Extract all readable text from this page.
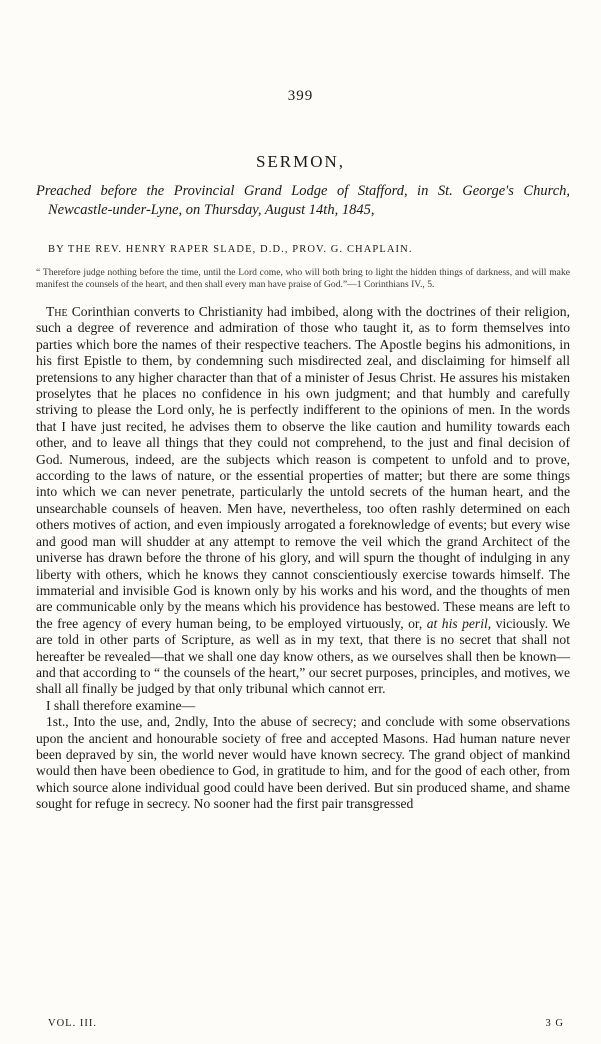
399
SERMON,
Preached before the Provincial Grand Lodge of Stafford, in St. George's Church, Newcastle-under-Lyne, on Thursday, August 14th, 1845,
BY THE REV. HENRY RAPER SLADE, D.D., PROV. G. CHAPLAIN.
“ Therefore judge nothing before the time, until the Lord come, who will both bring to light the hidden things of darkness, and will make manifest the counsels of the heart, and then shall every man have praise of God.”—1 Corinthians IV., 5.

The Corinthian converts to Christianity had imbibed, along with the doctrines of their religion, such a degree of reverence and admiration of those who taught it, as to form themselves into parties which bore the names of their respective teachers. The Apostle begins his admonitions, in his first Epistle to them, by condemning such misdirected zeal, and disclaiming for himself all pretensions to any higher character than that of a minister of Jesus Christ. He assures his mistaken proselytes that he places no confidence in his own judgment; and that humbly and carefully striving to please the Lord only, he is perfectly indifferent to the opinions of men. In the words that I have just recited, he advises them to observe the like caution and humility towards each other, and to leave all things that they could not comprehend, to the just and final decision of God. Numerous, indeed, are the subjects which reason is competent to unfold and to prove, according to the laws of nature, or the essential properties of matter; but there are some things into which we can never penetrate, particularly the untold secrets of the human heart, and the unsearchable counsels of heaven. Men have, nevertheless, too often rashly determined on each others motives of action, and even impiously arrogated a foreknowledge of events; but every wise and good man will shudder at any attempt to remove the veil which the grand Architect of the universe has drawn before the throne of his glory, and will spurn the thought of indulging in any liberty with others, which he knows they cannot conscientiously exercise towards himself. The immaterial and invisible God is known only by his works and his word, and the thoughts of men are communicable only by the means which his providence has bestowed. These means are left to the free agency of every human being, to be employed virtuously, or, at his peril, viciously. We are told in other parts of Scripture, as well as in my text, that there is no secret that shall not hereafter be revealed—that we shall one day know others, as we ourselves shall then be known—and that according to “ the counsels of the heart,” our secret purposes, principles, and motives, we shall all finally be judged by that only tribunal which cannot err.

I shall therefore examine—

1st., Into the use, and, 2ndly, Into the abuse of secrecy; and conclude with some observations upon the ancient and honourable society of free and accepted Masons. Had human nature never been depraved by sin, the world never would have known secrecy. The grand object of mankind would then have been obedience to God, in gratitude to him, and for the good of each other, from which source alone individual good could have been derived. But sin produced shame, and shame sought for refuge in secrecy. No sooner had the first pair transgressed

VOL. III.	3 G
